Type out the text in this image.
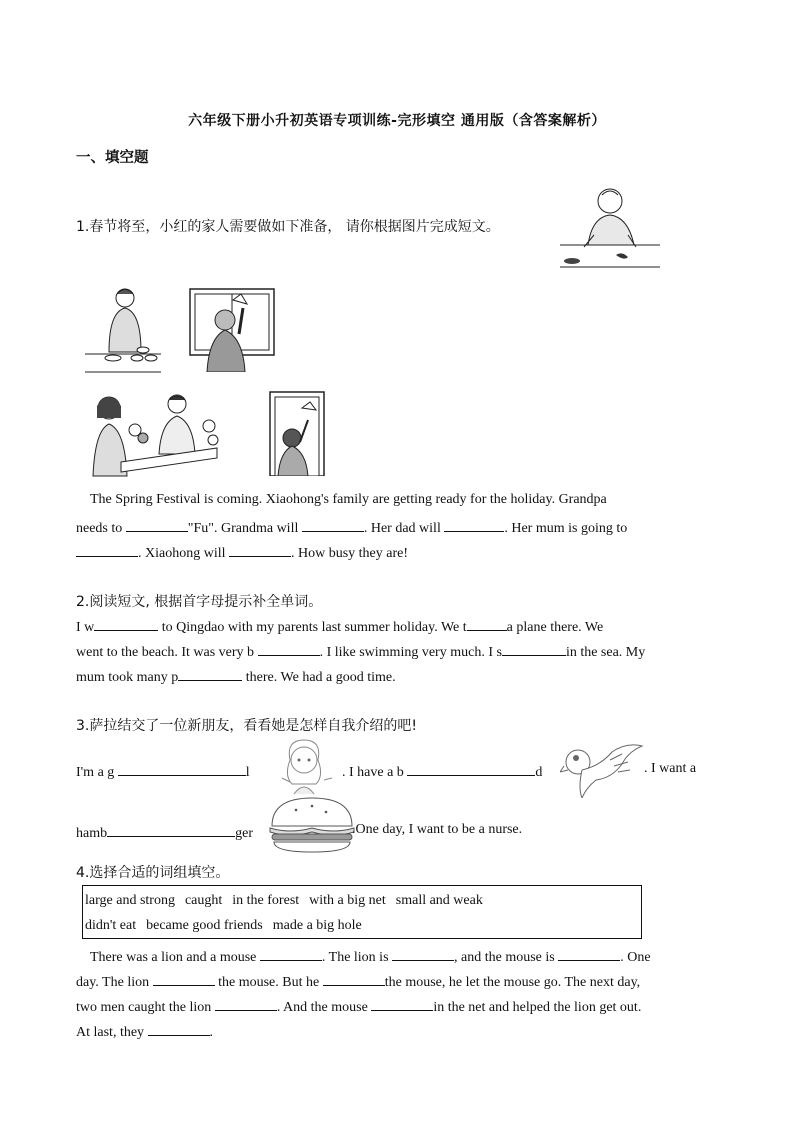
六年级下册小升初英语专项训练-完形填空 通用版（含答案解析）
一、填空题
1.春节将至，小红的家人需要做如下准备， 请你根据图片完成短文。
The Spring Festival is coming. Xiaohong's family are getting ready for the holiday. Grandpa
needs to	"Fu". Grandma will	. Her dad will	. Her mum is going to
. Xiaohong will	. How busy they are!
2.阅读短文, 根据首字母提示补全单词。
I w	to Qingdao with my parents last summer holiday. We t	a plane there. We
went to the beach. It was very b	. I like swimming very much. I s	in the sea. My
mum took many p	there. We had a good time.
3.萨拉结交了一位新朋友，看看她是怎样自我介绍的吧!
I'm a g	l	. I have a b	d	. I want a
hamb	ger	.One day, I want to be a nurse.
4.选择合适的词组填空。
large and strong caught in the forest with a big net small and weak
didn't eat became good friends made a big hole
There was a lion and a mouse	. The lion is	, and the mouse is	. One
day. The lion	the mouse. But he	the mouse, he let the mouse go. The next day,
two men caught the lion	. And the mouse	in the net and helped the lion get out.
At last, they	.
